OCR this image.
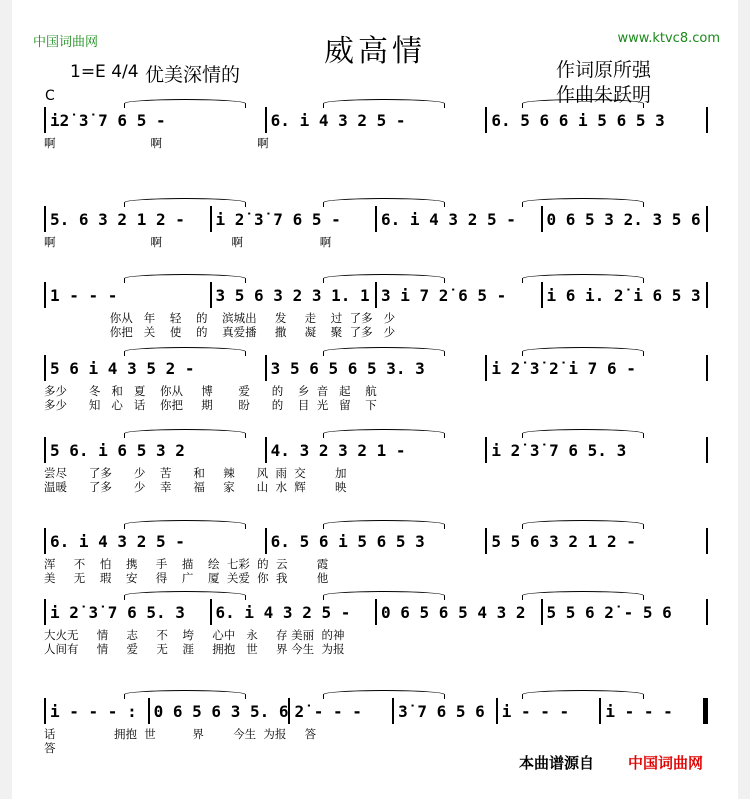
中国词曲网	www.ktvc8.com
威高情
1=E 4/4 优美深情的	作词原所强
作曲朱跃明
C
i2̇ 3̇ 7 6 5 -	6. i 4 3 2 5 -	6. 5 6 6 i 5 6 5 3
啊                          啊                          啊
5. 6 3 2 1 2 -	i 2̇ 3̇ 7 6 5 -	6. i 4 3 2 5 -	0 6 5 3 2. 3 5 6
啊                          啊                   啊                     啊
1 - - -	3 5 6 3 2 3 1. 1 3 i 7 2̇ 6 5 -	i 6 i. 2̇ i 6 5 3
你从   年    轻    的    滨城出     发     走    过  了多   少
你把   关    使    的    真爱播     撒     凝    聚  了多   少
5 6 i 4 3 5 2 -	3 5 6 5 6 5 3. 3	i 2̇ 3̇ 2̇ i 7 6 -
多少      冬   和   夏    你从     博       爱      的    乡  音   起    航
多少      知   心   话    你把     期       盼      的    目  光   留    下
5 6. i 6 5 3 2	4. 3 2 3 2 1 -	i 2̇ 3̇ 7 6 5. 3
尝尽      了多      少    苦      和     辣      风  雨  交        加
温暖      了多      少    幸      福     家      山  水  辉        映
6. i 4 3 2 5 -	6. 5 6 i 5 6 5 3	5 5 6 3 2 1 2 -
浑     不    怕    携     手    描    绘  七彩  的  云        霞
美     无    瑕    安     得    广    厦  关爱  你  我        他
i 2̇ 3̇ 7 6 5. 3	6. i 4 3 2 5 -	0 6 5 6 5 4 3 2	5 5 6 2̇ - 5 6
大火无     情     志     不    垮     心中   永     存 美丽  的神
人间有     情     爱     无    涯     拥抱   世     界 今生  为报
i - - - :	0 6 5 6 3 5. 6 2̇ - - -	3̇ 7 6 5 6	i - - -	i - - -
话                拥抱  世          界        今生  为报     答
答
本曲谱源自 中国词曲网
